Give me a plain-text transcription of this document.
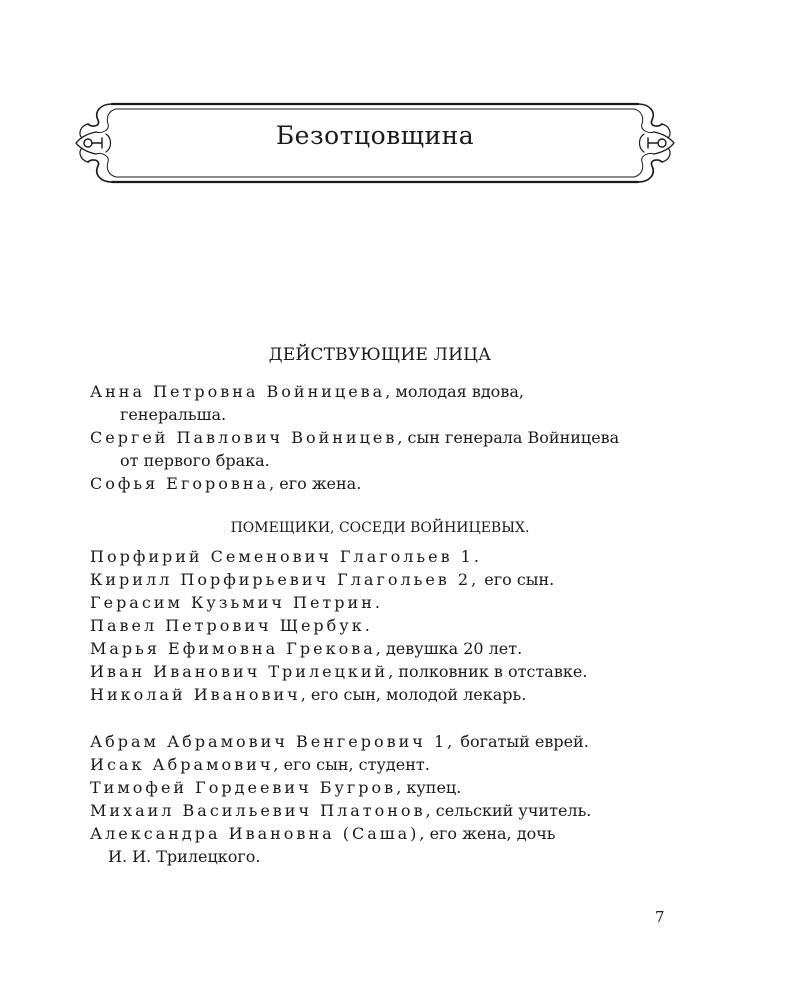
Безотцовщина
ДЕЙСТВУЮЩИЕ ЛИЦА
Анна Петровна Войницева, молодая вдова,
генеральша.
Сергей Павлович Войницев, сын генерала Войницева
от первого брака.
Софья Егоровна, его жена.
ПОМЕЩИКИ, СОСЕДИ ВОЙНИЦЕВЫХ.
Порфирий Семенович Глагольев 1.
Кирилл Порфирьевич Глагольев 2, его сын.
Герасим Кузьмич Петрин.
Павел Петрович Щербук.
Марья Ефимовна Грекова, девушка 20 лет.
Иван Иванович Трилецкий, полковник в отставке.
Николай Иванович, его сын, молодой лекарь.
Абрам Абрамович Венгерович 1, богатый еврей.
Исак Абрамович, его сын, студент.
Тимофей Гордеевич Бугров, купец.
Михаил Васильевич Платонов, сельский учитель.
Александра Ивановна (Саша), его жена, дочь
И. И. Трилецкого.
7
